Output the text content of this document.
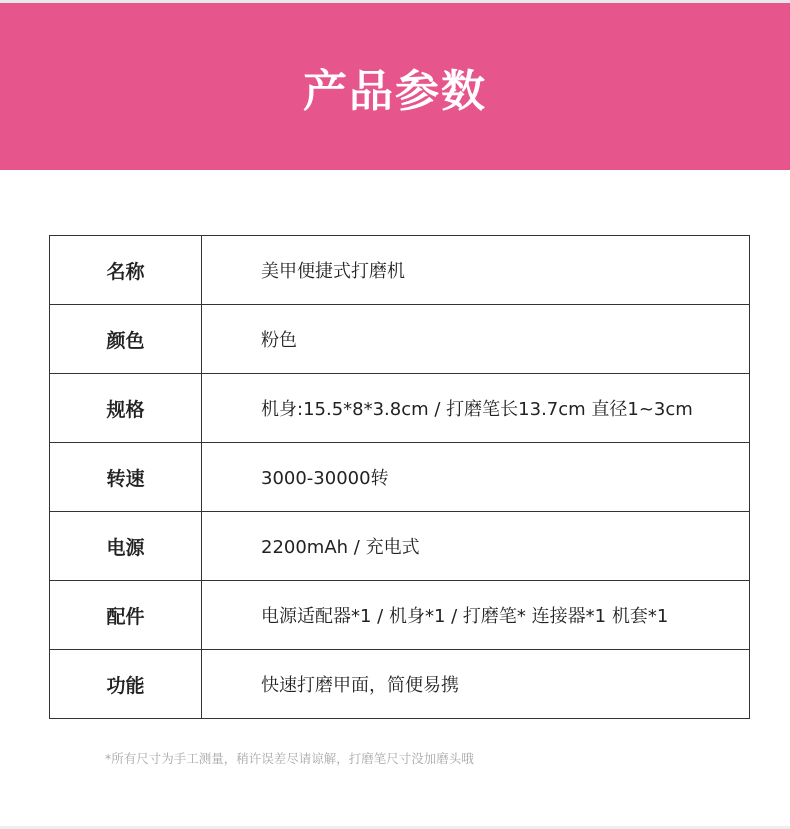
产品参数
名称	美甲便捷式打磨机
颜色	粉色
规格	机身:15.5*8*3.8cm / 打磨笔长13.7cm 直径1~3cm
转速	3000-30000转
电源	2200mAh / 充电式
配件	电源适配器*1 / 机身*1 / 打磨笔* 连接器*1 机套*1
功能	快速打磨甲面，简便易携
*所有尺寸为手工测量，稍许误差尽请谅解，打磨笔尺寸没加磨头哦
